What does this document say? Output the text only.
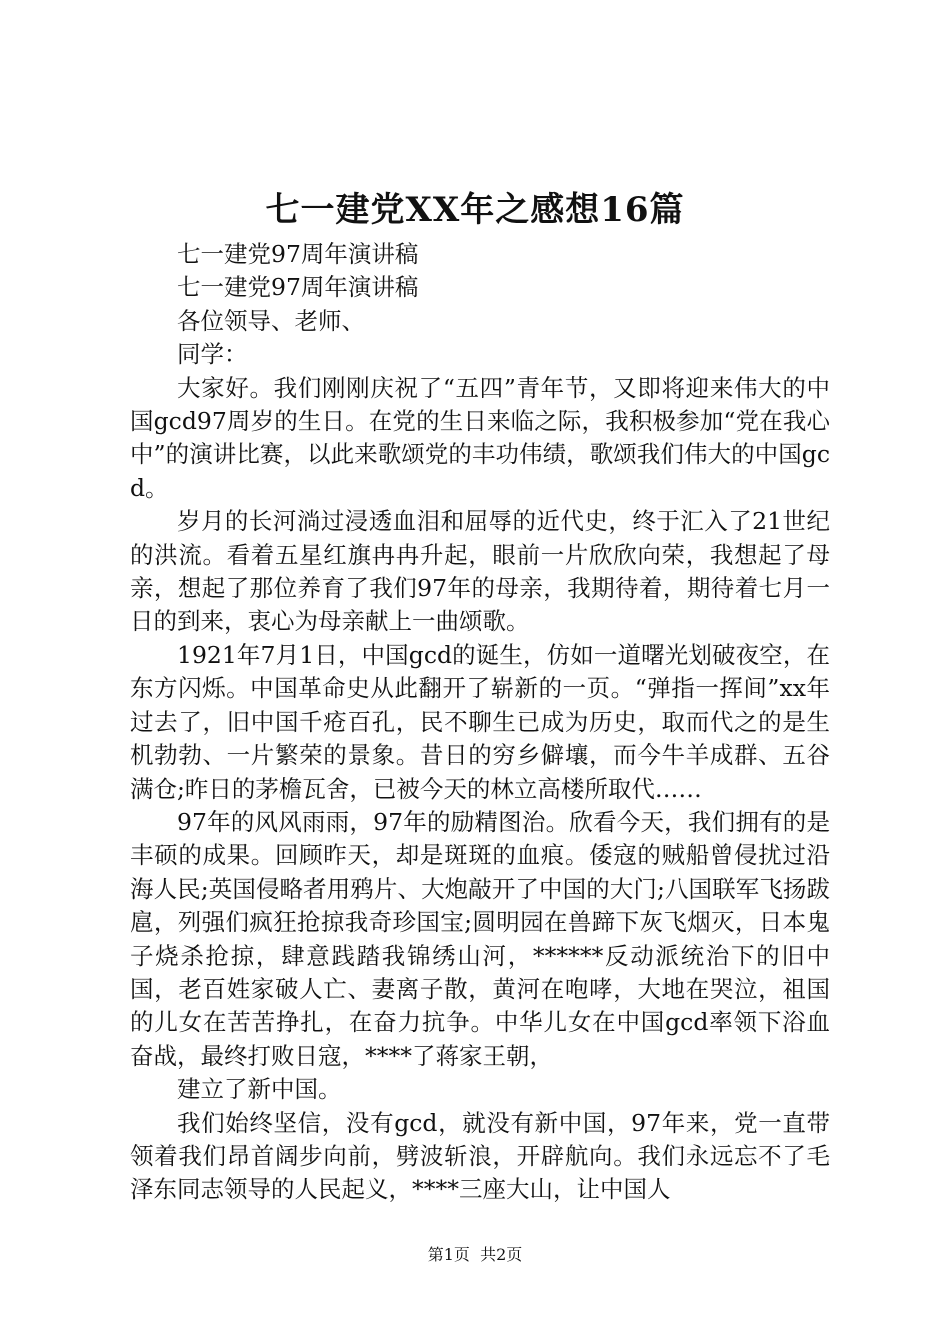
七一建党XX年之感想16篇

七一建党97周年演讲稿

七一建党97周年演讲稿

各位领导、老师、

同学：

大家好。我们刚刚庆祝了“五四”青年节，又即将迎来伟大的中国gcd97周岁的生日。在党的生日来临之际，我积极参加“党在我心中”的演讲比赛，以此来歌颂党的丰功伟绩，歌颂我们伟大的中国gcd。

岁月的长河淌过浸透血泪和屈辱的近代史，终于汇入了21世纪的洪流。看着五星红旗冉冉升起，眼前一片欣欣向荣，我想起了母亲，想起了那位养育了我们97年的母亲，我期待着，期待着七月一日的到来，衷心为母亲献上一曲颂歌。

1921年7月1日，中国gcd的诞生，仿如一道曙光划破夜空，在东方闪烁。中国革命史从此翻开了崭新的一页。“弹指一挥间”xx年过去了，旧中国千疮百孔，民不聊生已成为历史，取而代之的是生机勃勃、一片繁荣的景象。昔日的穷乡僻壤，而今牛羊成群、五谷满仓;昨日的茅檐瓦舍，已被今天的林立高楼所取代……

97年的风风雨雨，97年的励精图治。欣看今天，我们拥有的是丰硕的成果。回顾昨天，却是斑斑的血痕。倭寇的贼船曾侵扰过沿海人民;英国侵略者用鸦片、大炮敲开了中国的大门;八国联军飞扬跋扈，列强们疯狂抢掠我奇珍国宝;圆明园在兽蹄下灰飞烟灭，日本鬼子烧杀抢掠，肆意践踏我锦绣山河，******反动派统治下的旧中国，老百姓家破人亡、妻离子散，黄河在咆哮，大地在哭泣，祖国的儿女在苦苦挣扎，在奋力抗争。中华儿女在中国gcd率领下浴血奋战，最终打败日寇，****了蒋家王朝，

建立了新中国。

我们始终坚信，没有gcd，就没有新中国，97年来，党一直带领着我们昂首阔步向前，劈波斩浪，开辟航向。我们永远忘不了毛泽东同志领导的人民起义，****三座大山，让中国人

第1页  共2页
